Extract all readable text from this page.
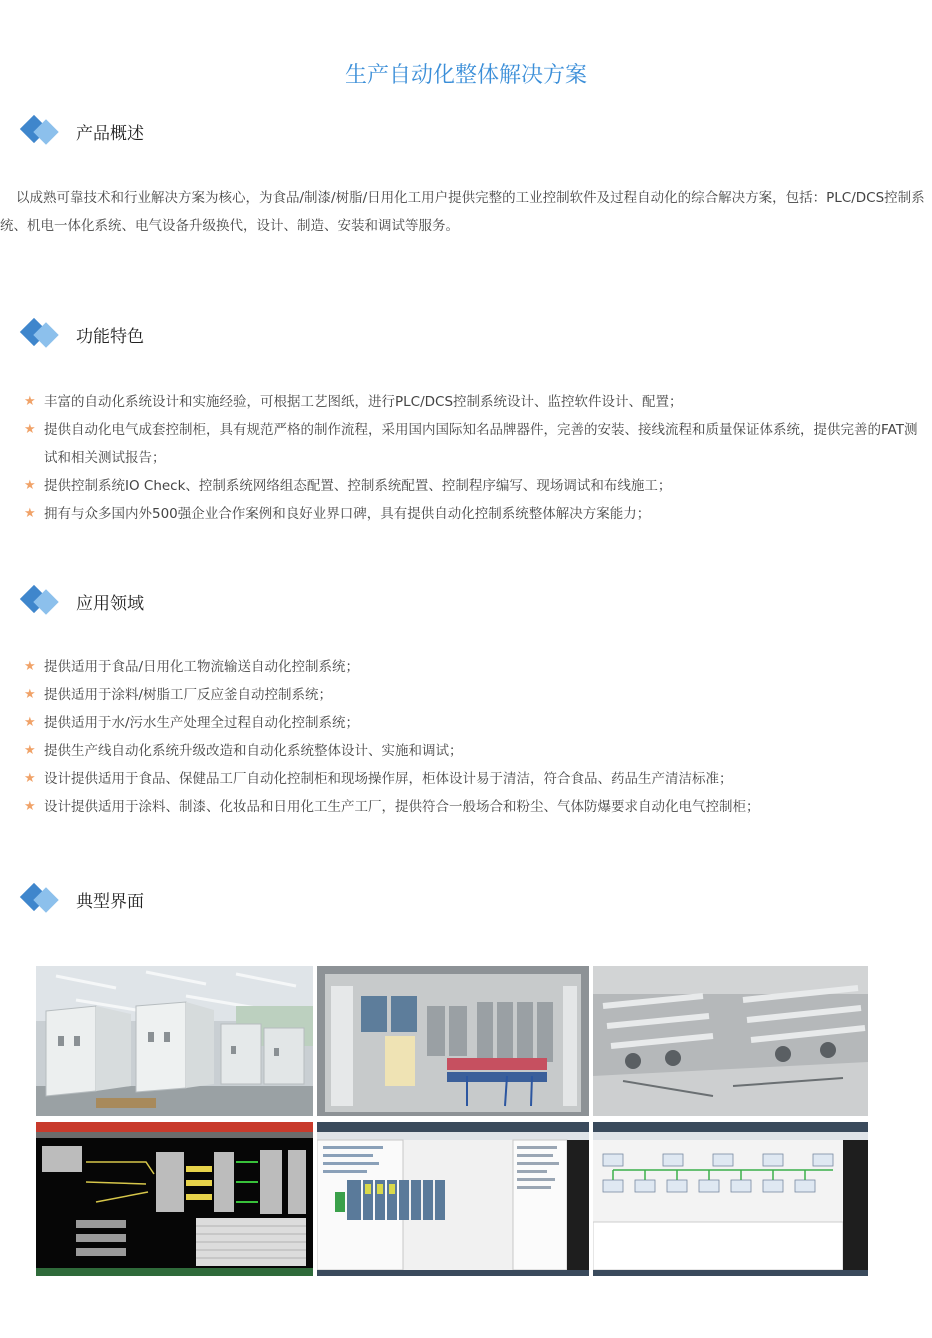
生产自动化整体解决方案
产品概述
以成熟可靠技术和行业解决方案为核心，为食品/制漆/树脂/日用化工用户提供完整的工业控制软件及过程自动化的综合解决方案，包括：PLC/DCS控制系统、机电一体化系统、电气设备升级换代，设计、制造、安装和调试等服务。
功能特色
★ 丰富的自动化系统设计和实施经验，可根据工艺图纸，进行PLC/DCS控制系统设计、监控软件设计、配置；
★ 提供自动化电气成套控制柜，具有规范严格的制作流程，采用国内国际知名品牌器件，完善的安装、接线流程和质量保证体系统，提供完善的FAT测试和相关测试报告；
★ 提供控制系统IO Check、控制系统网络组态配置、控制系统配置、控制程序编写、现场调试和布线施工；
★ 拥有与众多国内外500强企业合作案例和良好业界口碑，具有提供自动化控制系统整体解决方案能力；
应用领域
★ 提供适用于食品/日用化工物流输送自动化控制系统；
★ 提供适用于涂料/树脂工厂反应釜自动控制系统；
★ 提供适用于水/污水生产处理全过程自动化控制系统；
★ 提供生产线自动化系统升级改造和自动化系统整体设计、实施和调试；
★ 设计提供适用于食品、保健品工厂自动化控制柜和现场操作屏，柜体设计易于清洁，符合食品、药品生产清洁标准；
★ 设计提供适用于涂料、制漆、化妆品和日用化工生产工厂，提供符合一般场合和粉尘、气体防爆要求自动化电气控制柜；
典型界面
